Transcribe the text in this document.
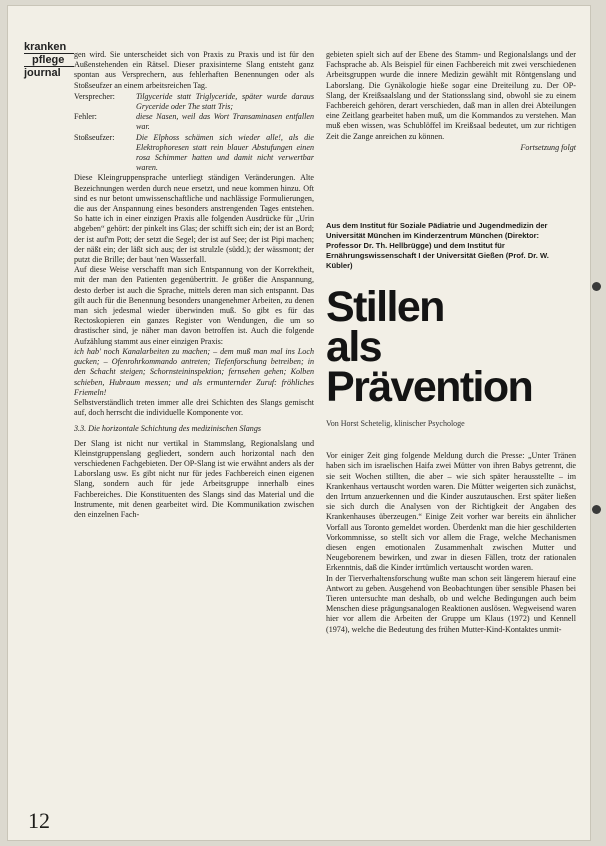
kranken
pflege
journal

gen wird. Sie unterscheidet sich von Praxis zu Praxis und ist für den Außenstehenden ein Rätsel. Dieser praxisinterne Slang entsteht ganz spontan aus Versprechern, aus fehlerhaften Benennungen oder als Stoßseufzer an einem arbeitsreichen Tag.

Versprecher:	Tilgyceride statt Triglyceride, später wurde daraus Gryceride oder The statt Tris;
Fehler:	diese Nasen, weil das Wort Transaminasen entfallen war.
Stoßseufzer:	Die Elphoss schämen sich wieder alle!, als die Elektrophoresen statt rein blauer Abstufungen einen rosa Schimmer hatten und damit nicht verwertbar waren.

Diese Kleingruppensprache unterliegt ständigen Veränderungen. Alte Bezeichnungen werden durch neue ersetzt, und neue kommen hinzu. Oft sind es nur betont umwissenschaftliche und nachlässige Formulierungen, die aus der Anspannung eines besonders anstrengenden Tages entstehen. So hatte ich in einer einzigen Praxis alle folgenden Ausdrücke für „Urin abgeben“ gehört: der pinkelt ins Glas; der schifft sich ein; der ist an Bord; der ist auf'm Pott; der setzt die Segel; der ist auf See; der ist Pipi machen; der näßt ein; der läßt sich aus; der ist strulzle (südd.); der wässmont; der putzt die Brille; der baut 'nen Wasserfall.

Auf diese Weise verschafft man sich Entspannung von der Korrektheit, mit der man den Patienten gegenübertritt. Je größer die Anspannung, desto derber ist auch die Sprache, mittels deren man sich entspannt. Das gilt auch für die Benennung besonders unangenehmer Arbeiten, zu denen man sich jedesmal wieder überwinden muß. So gibt es für das Rectoskopieren ein ganzes Register von Wendungen, die um so drastischer sind, je näher man davon betroffen ist. Auch die folgende Aufzählung stammt aus einer einzigen Praxis:

ich hab' noch Kanalarbeiten zu machen; – dem muß man mal ins Loch gucken; – Ofenrohrkommando antreten; Tiefenforschung betreiben; in den Schacht steigen; Schornsteininspektion; fernsehen gehen; Kolben schieben, Hubraum messen; und als ermunternder Zuruf: fröhliches Friemeln!

Selbstverständlich treten immer alle drei Schichten des Slangs gemischt auf, doch herrscht die individuelle Komponente vor.

3.3. Die horizontale Schichtung des medizinischen Slangs

Der Slang ist nicht nur vertikal in Stammslang, Regionalslang und Kleinstgruppenslang gegliedert, sondern auch horizontal nach den verschiedenen Fachgebieten. Der OP-Slang ist wie erwähnt anders als der Laborslang usw. Es gibt nicht nur für jedes Fachbereich einen eigenen Slang, sondern auch für jede Arbeitsgruppe innerhalb eines Fachbereiches. Die Konstituenten des Slangs sind das Material und die Instrumente, mit denen gearbeitet wird. Die Kommunikation zwischen den einzelnen Fach-

gebieten spielt sich auf der Ebene des Stamm- und Regionalslangs und der Fachsprache ab. Als Beispiel für einen Fachbereich mit zwei verschiedenen Arbeitsgruppen wurde die innere Medizin gewählt mit Röntgenslang und Laborslang. Die Gynäkologie hieße sogar eine Dreiteilung zu. Der OP-Slang, der Kreißsaalslang und der Stationsslang sind, obwohl sie zu einem Fachbereich gehören, derart verschieden, daß man in allen drei Abteilungen eine Zeitlang gearbeitet haben muß, um die Kommandos zu verstehen. Man muß eben wissen, was Schublöffel im Kreißsaal bedeutet, um zur richtigen Zeit die Zange anreichen zu können.

Fortsetzung folgt

Aus dem Institut für Soziale Pädiatrie und Jugendmedizin der Universität München im Kinderzentrum München (Direktor: Professor Dr. Th. Hellbrügge) und dem Institut für Ernährungswissenschaft I der Universität Gießen (Prof. Dr. W. Kübler)

Stillen
als Prävention

Von Horst Schetelig, klinischer Psychologe

Vor einiger Zeit ging folgende Meldung durch die Presse: „Unter Tränen haben sich im israelischen Haifa zwei Mütter von ihren Babys getrennt, die sie seit Wochen stillten, die aber – wie sich später herausstellte – im Krankenhaus vertauscht worden waren. Die Mütter weigerten sich zunächst, den Irrtum anzuerkennen und die Kinder auszutauschen. Erst später ließen sie sich durch die Analysen von der Richtigkeit der Angaben des Krankenhauses überzeugen.“ Einige Zeit vorher war bereits ein ähnlicher Vorfall aus Toronto gemeldet worden. Überdenkt man die hier geschilderten Vorkommnisse, so stellt sich vor allem die Frage, welche Mechanismen diesen engen emotionalen Zusammenhalt zwischen Mutter und Neugeborenem bewirken, und zwar in diesen Fällen, trotz der rationalen Erkenntnis, daß die Kinder irrtümlich vertauscht worden waren.

In der Tierverhaltensforschung wußte man schon seit längerem hierauf eine Antwort zu geben. Ausgehend von Beobachtungen über sensible Phasen bei Tieren untersuchte man deshalb, ob und welche Bedingungen auch beim Menschen diese prägungsanalogen Reaktionen auslösen. Wegweisend waren hier vor allem die Arbeiten der Gruppe um Klaus (1972) und Kennell (1974), welche die Bedeutung des frühen Mutter-Kind-Kontaktes unmit-

12
